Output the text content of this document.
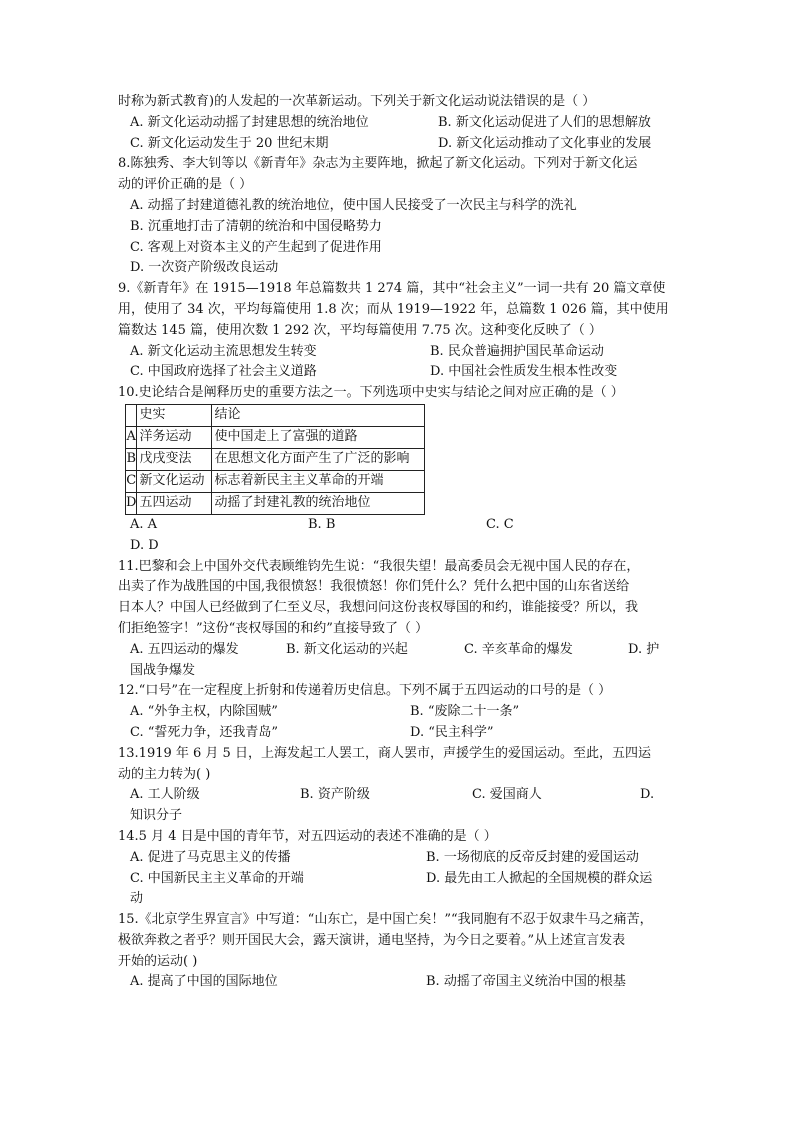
时称为新式教育)的人发起的一次革新运动。下列关于新文化运动说法错误的是（ ）
A. 新文化运动动摇了封建思想的统治地位	B. 新文化运动促进了人们的思想解放
C. 新文化运动发生于 20 世纪末期	D. 新文化运动推动了文化事业的发展
8.陈独秀、李大钊等以《新青年》杂志为主要阵地，掀起了新文化运动。下列对于新文化运
动的评价正确的是（ ）
A. 动摇了封建道德礼教的统治地位，使中国人民接受了一次民主与科学的洗礼
B. 沉重地打击了清朝的统治和中国侵略势力
C. 客观上对资本主义的产生起到了促进作用
D. 一次资产阶级改良运动
9.《新青年》在 1915—1918 年总篇数共 1 274 篇，其中“社会主义”一词一共有 20 篇文章使
用，使用了 34 次，平均每篇使用 1.8 次；而从 1919—1922 年，总篇数 1 026 篇，其中使用
篇数达 145 篇，使用次数 1 292 次，平均每篇使用 7.75 次。这种变化反映了（ ）
A. 新文化运动主流思想发生转变	B. 民众普遍拥护国民革命运动
C. 中国政府选择了社会主义道路	D. 中国社会性质发生根本性改变
10.史论结合是阐释历史的重要方法之一。下列选项中史实与结论之间对应正确的是（ ）
	史实	结论
A	洋务运动	使中国走上了富强的道路
B	戊戌变法	在思想文化方面产生了广泛的影响
C	新文化运动	标志着新民主主义革命的开端
D	五四运动	动摇了封建礼教的统治地位
A. A	B. B	C. C
D. D
11.巴黎和会上中国外交代表顾维钧先生说：“我很失望！最高委员会无视中国人民的存在，
出卖了作为战胜国的中国,我很愤怒！我很愤怒！你们凭什么？凭什么把中国的山东省送给
日本人？中国人已经做到了仁至义尽，我想问问这份丧权辱国的和约，谁能接受？所以，我
们拒绝签字！”这份“丧权辱国的和约”直接导致了（ ）
A. 五四运动的爆发	B. 新文化运动的兴起	C. 辛亥革命的爆发	D. 护
国战争爆发
12.“口号”在一定程度上折射和传递着历史信息。下列不属于五四运动的口号的是（ ）
A. “外争主权，内除国贼”	B. “废除二十一条”
C. “誓死力争，还我青岛”	D. “民主科学”
13.1919 年 6 月 5 日，上海发起工人罢工，商人罢市，声援学生的爱国运动。至此，五四运
动的主力转为( )
A. 工人阶级	B. 资产阶级	C. 爱国商人	D.
知识分子
14.5 月 4 日是中国的青年节，对五四运动的表述不准确的是（ ）
A. 促进了马克思主义的传播	B. 一场彻底的反帝反封建的爱国运动
C. 中国新民主主义革命的开端	D. 最先由工人掀起的全国规模的群众运
动
15.《北京学生界宣言》中写道：“山东亡，是中国亡矣！”“我同胞有不忍于奴隶牛马之痛苦，
极欲奔救之者乎？则开国民大会，露天演讲，通电坚持，为今日之要着。”从上述宣言发表
开始的运动( )
A. 提高了中国的国际地位	B. 动摇了帝国主义统治中国的根基
